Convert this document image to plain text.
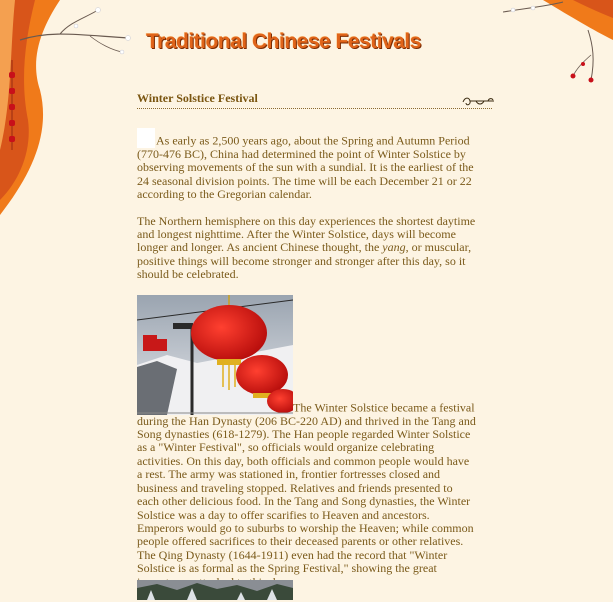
Traditional Chinese Festivals
Winter Solstice Festival

As early as 2,500 years ago, about the Spring and Autumn Period (770-476 BC), China had determined the point of Winter Solstice by observing movements of the sun with a sundial. It is the earliest of the 24 seasonal division points. The time will be each December 21 or 22 according to the Gregorian calendar.

The Northern hemisphere on this day experiences the shortest daytime and longest nighttime. After the Winter Solstice, days will become longer and longer. As ancient Chinese thought, the yang, or muscular, positive things will become stronger and stronger after this day, so it should be celebrated.

The Winter Solstice became a festival during the Han Dynasty (206 BC-220 AD) and thrived in the Tang and Song dynasties (618-1279). The Han people regarded Winter Solstice as a "Winter Festival", so officials would organize celebrating activities. On this day, both officials and common people would have a rest. The army was stationed in, frontier fortresses closed and business and traveling stopped. Relatives and friends presented to each other delicious food. In the Tang and Song dynasties, the Winter Solstice was a day to offer scarifies to Heaven and ancestors. Emperors would go to suburbs to worship the Heaven; while common people offered sacrifices to their deceased parents or other relatives. The Qing Dynasty (1644-1911) even had the record that "Winter Solstice is as formal as the Spring Festival," showing the great
